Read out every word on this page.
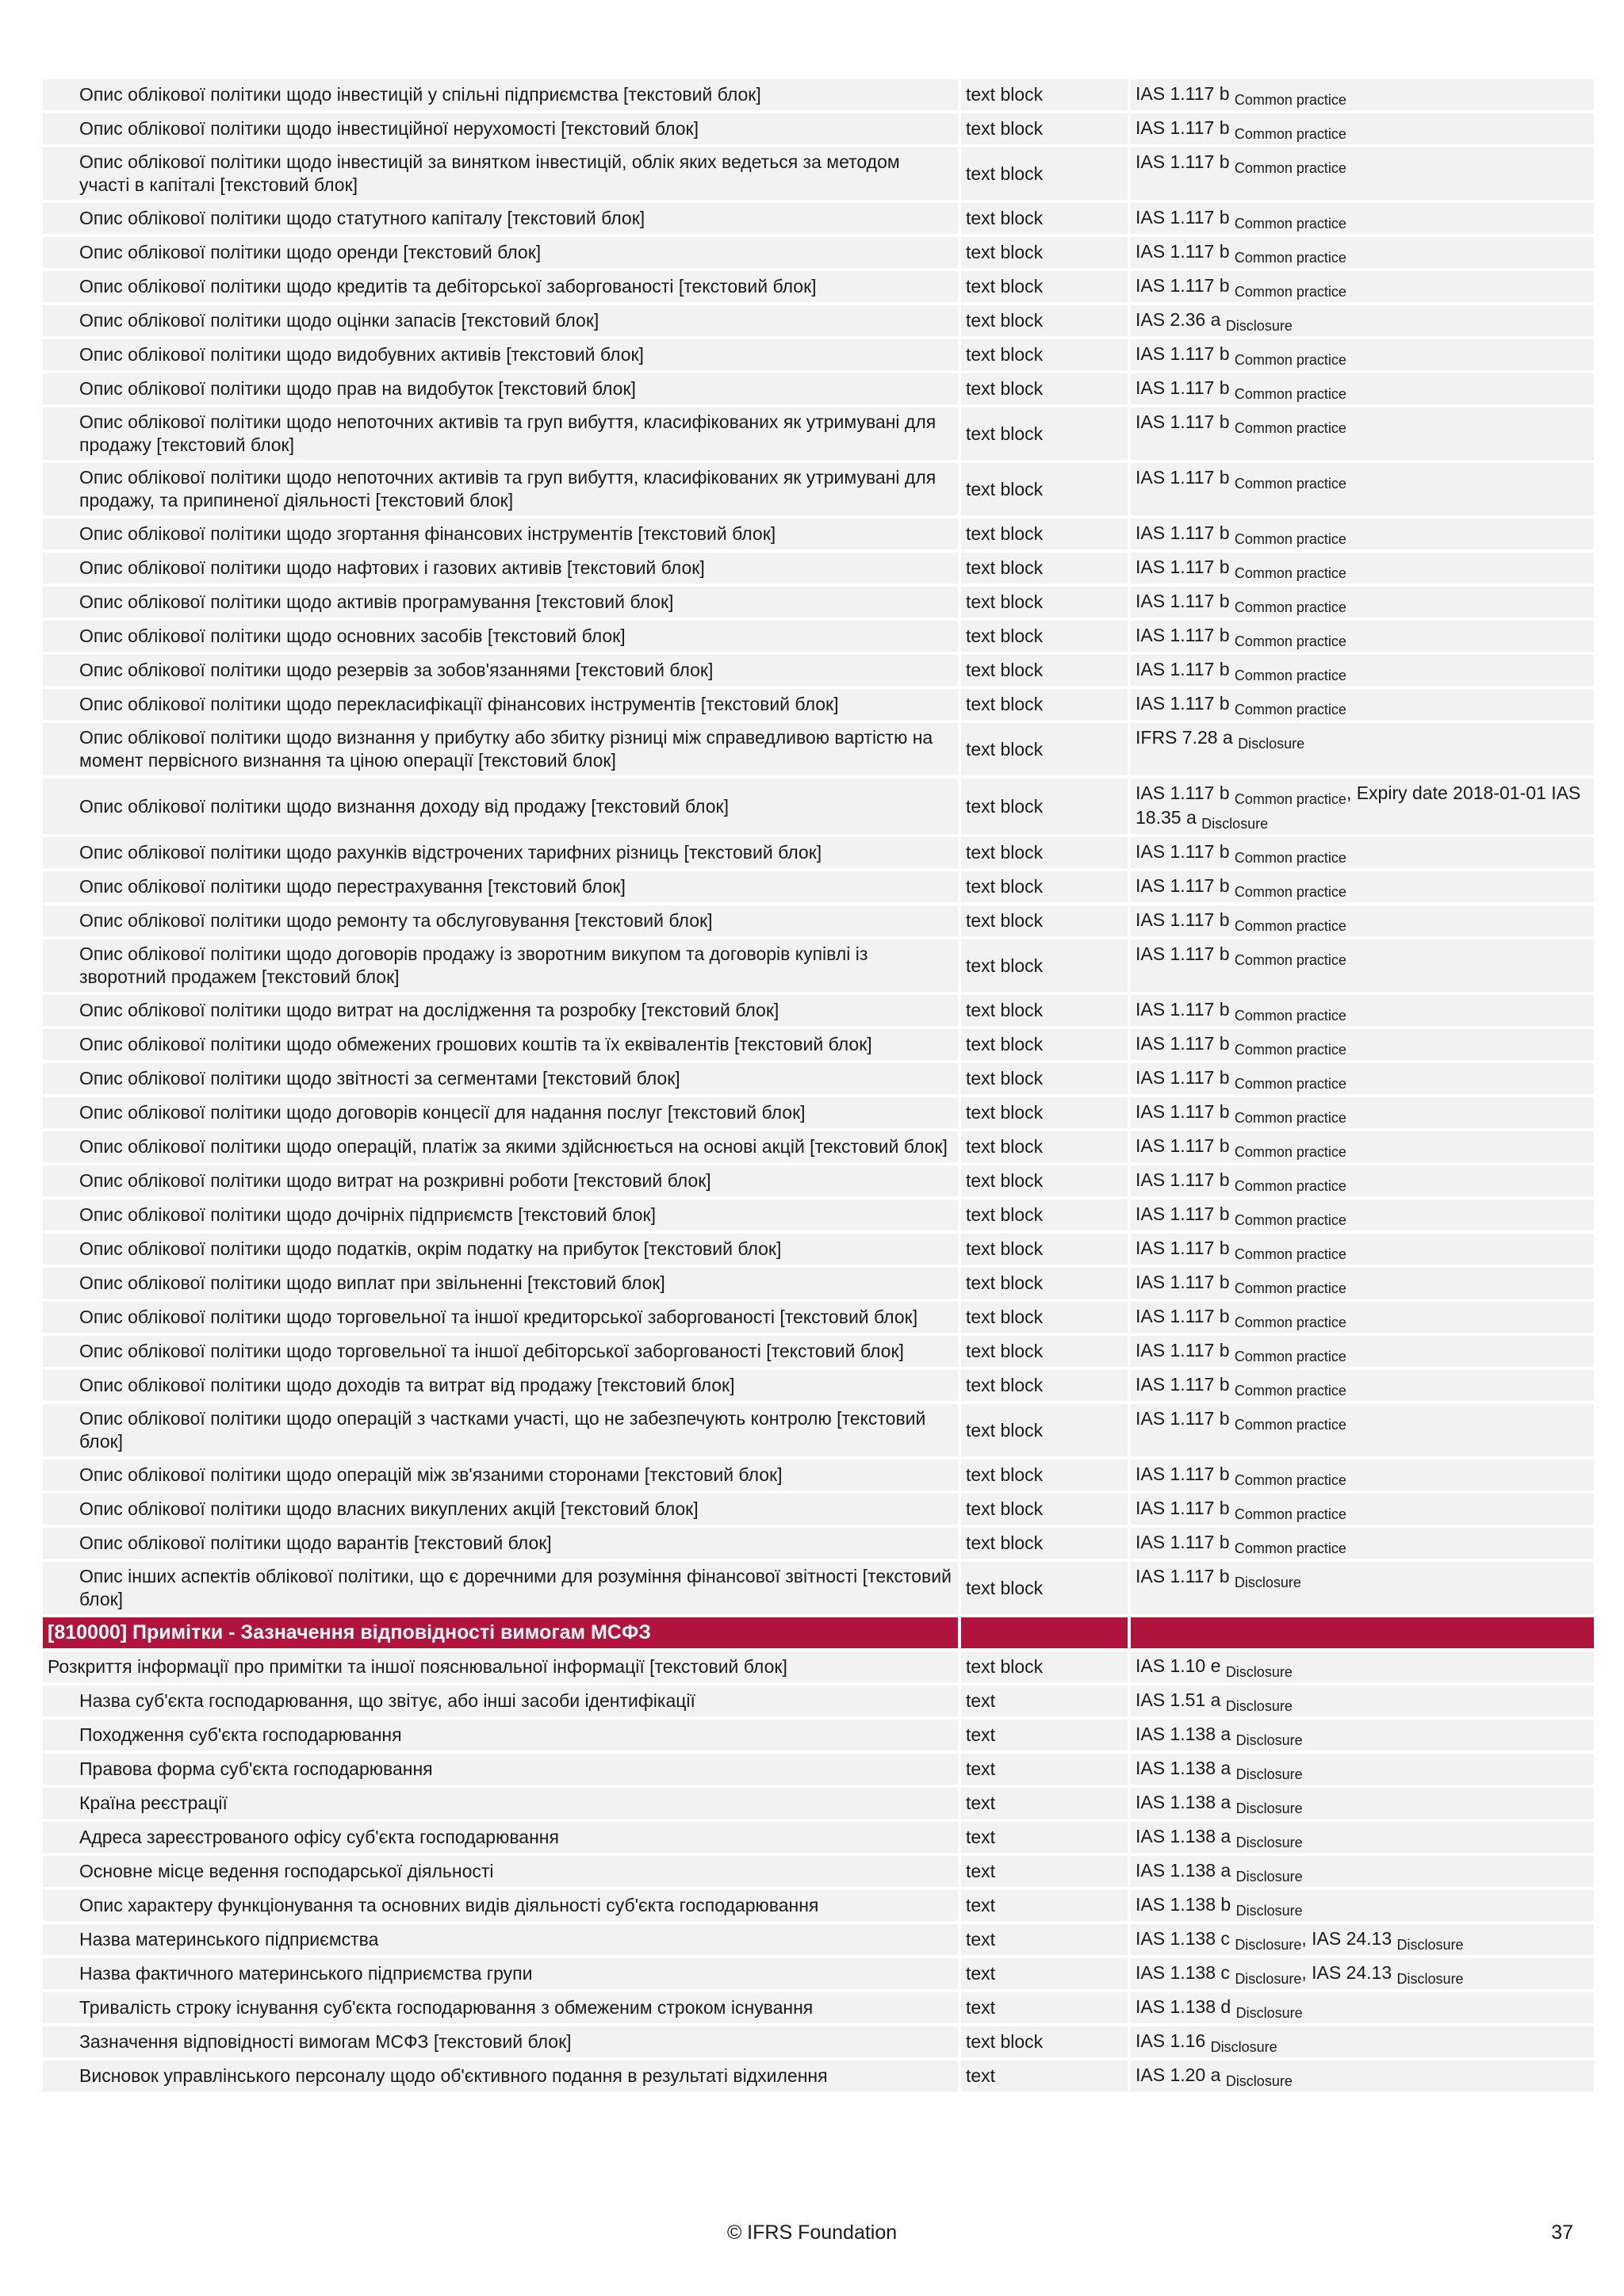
Опис облікової політики щодо інвестицій у спільні підприємства [текстовий блок]	text block	IAS 1.117 b $_{Common practice}$
Опис облікової політики щодо інвестиційної нерухомості [текстовий блок]	text block	IAS 1.117 b $_{Common practice}$
Опис облікової політики щодо інвестицій за винятком інвестицій, облік яких ведеться за методом участі в капіталі [текстовий блок]	text block	IAS 1.117 b $_{Common practice}$
Опис облікової політики щодо статутного капіталу [текстовий блок]	text block	IAS 1.117 b $_{Common practice}$
Опис облікової політики щодо оренди [текстовий блок]	text block	IAS 1.117 b $_{Common practice}$
Опис облікової політики щодо кредитів та дебіторської заборгованості [текстовий блок]	text block	IAS 1.117 b $_{Common practice}$
Опис облікової політики щодо оцінки запасів [текстовий блок]	text block	IAS 2.36 a $_{Disclosure}$
Опис облікової політики щодо видобувних активів [текстовий блок]	text block	IAS 1.117 b $_{Common practice}$
Опис облікової політики щодо прав на видобуток [текстовий блок]	text block	IAS 1.117 b $_{Common practice}$
Опис облікової політики щодо непоточних активів та груп вибуття, класифікованих як утримувані для продажу [текстовий блок]	text block	IAS 1.117 b $_{Common practice}$
Опис облікової політики щодо непоточних активів та груп вибуття, класифікованих як утримувані для продажу, та припиненої діяльності [текстовий блок]	text block	IAS 1.117 b $_{Common practice}$
Опис облікової політики щодо згортання фінансових інструментів [текстовий блок]	text block	IAS 1.117 b $_{Common practice}$
Опис облікової політики щодо нафтових і газових активів [текстовий блок]	text block	IAS 1.117 b $_{Common practice}$
Опис облікової політики щодо активів програмування [текстовий блок]	text block	IAS 1.117 b $_{Common practice}$
Опис облікової політики щодо основних засобів [текстовий блок]	text block	IAS 1.117 b $_{Common practice}$
Опис облікової політики щодо резервів за зобов'язаннями [текстовий блок]	text block	IAS 1.117 b $_{Common practice}$
Опис облікової політики щодо перекласифікації фінансових інструментів [текстовий блок]	text block	IAS 1.117 b $_{Common practice}$
Опис облікової політики щодо визнання у прибутку або збитку різниці між справедливою вартістю на момент первісного визнання та ціною операції [текстовий блок]	text block	IFRS 7.28 a $_{Disclosure}$
Опис облікової політики щодо визнання доходу від продажу [текстовий блок]	text block	IAS 1.117 b $_{Common practice}$, Expiry date 2018-01-01 IAS 18.35 a $_{Disclosure}$
Опис облікової політики щодо рахунків відстрочених тарифних різниць [текстовий блок]	text block	IAS 1.117 b $_{Common practice}$
Опис облікової політики щодо перестрахування [текстовий блок]	text block	IAS 1.117 b $_{Common practice}$
Опис облікової політики щодо ремонту та обслуговування [текстовий блок]	text block	IAS 1.117 b $_{Common practice}$
Опис облікової політики щодо договорів продажу із зворотним викупом та договорів купівлі із зворотний продажем [текстовий блок]	text block	IAS 1.117 b $_{Common practice}$
Опис облікової політики щодо витрат на дослідження та розробку [текстовий блок]	text block	IAS 1.117 b $_{Common practice}$
Опис облікової політики щодо обмежених грошових коштів та їх еквівалентів [текстовий блок]	text block	IAS 1.117 b $_{Common practice}$
Опис облікової політики щодо звітності за сегментами [текстовий блок]	text block	IAS 1.117 b $_{Common practice}$
Опис облікової політики щодо договорів концесії для надання послуг [текстовий блок]	text block	IAS 1.117 b $_{Common practice}$
Опис облікової політики щодо операцій, платіж за якими здійснюється на основі акцій [текстовий блок]	text block	IAS 1.117 b $_{Common practice}$
Опис облікової політики щодо витрат на розкривні роботи [текстовий блок]	text block	IAS 1.117 b $_{Common practice}$
Опис облікової політики щодо дочірніх підприємств [текстовий блок]	text block	IAS 1.117 b $_{Common practice}$
Опис облікової політики щодо податків, окрім податку на прибуток [текстовий блок]	text block	IAS 1.117 b $_{Common practice}$
Опис облікової політики щодо виплат при звільненні [текстовий блок]	text block	IAS 1.117 b $_{Common practice}$
Опис облікової політики щодо торговельної та іншої кредиторської заборгованості [текстовий блок]	text block	IAS 1.117 b $_{Common practice}$
Опис облікової політики щодо торговельної та іншої дебіторської заборгованості [текстовий блок]	text block	IAS 1.117 b $_{Common practice}$
Опис облікової політики щодо доходів та витрат від продажу [текстовий блок]	text block	IAS 1.117 b $_{Common practice}$
Опис облікової політики щодо операцій з частками участі, що не забезпечують контролю [текстовий блок]	text block	IAS 1.117 b $_{Common practice}$
Опис облікової політики щодо операцій між зв'язаними сторонами [текстовий блок]	text block	IAS 1.117 b $_{Common practice}$
Опис облікової політики щодо власних викуплених акцій [текстовий блок]	text block	IAS 1.117 b $_{Common practice}$
Опис облікової політики щодо варантів [текстовий блок]	text block	IAS 1.117 b $_{Common practice}$
Опис інших аспектів облікової політики, що є доречними для розуміння фінансової звітності [текстовий блок]	text block	IAS 1.117 b $_{Disclosure}$
[810000] Примітки - Зазначення відповідності вимогам МСФЗ		
Розкриття інформації про примітки та іншої пояснювальної інформації [текстовий блок]	text block	IAS 1.10 e $_{Disclosure}$
Назва суб'єкта господарювання, що звітує, або інші засоби ідентифікації	text	IAS 1.51 a $_{Disclosure}$
Походження суб'єкта господарювання	text	IAS 1.138 a $_{Disclosure}$
Правова форма суб'єкта господарювання	text	IAS 1.138 a $_{Disclosure}$
Країна реєстрації	text	IAS 1.138 a $_{Disclosure}$
Адреса зареєстрованого офісу суб'єкта господарювання	text	IAS 1.138 a $_{Disclosure}$
Основне місце ведення господарської діяльності	text	IAS 1.138 a $_{Disclosure}$
Опис характеру функціонування та основних видів діяльності суб'єкта господарювання	text	IAS 1.138 b $_{Disclosure}$
Назва материнського підприємства	text	IAS 1.138 c $_{Disclosure}$, IAS 24.13 $_{Disclosure}$
Назва фактичного материнського підприємства групи	text	IAS 1.138 c $_{Disclosure}$, IAS 24.13 $_{Disclosure}$
Тривалість строку існування суб'єкта господарювання з обмеженим строком існування	text	IAS 1.138 d $_{Disclosure}$
Зазначення відповідності вимогам МСФЗ [текстовий блок]	text block	IAS 1.16 $_{Disclosure}$
Висновок управлінського персоналу щодо об'єктивного подання в результаті відхилення	text	IAS 1.20 a $_{Disclosure}$
© IFRS Foundation	37
